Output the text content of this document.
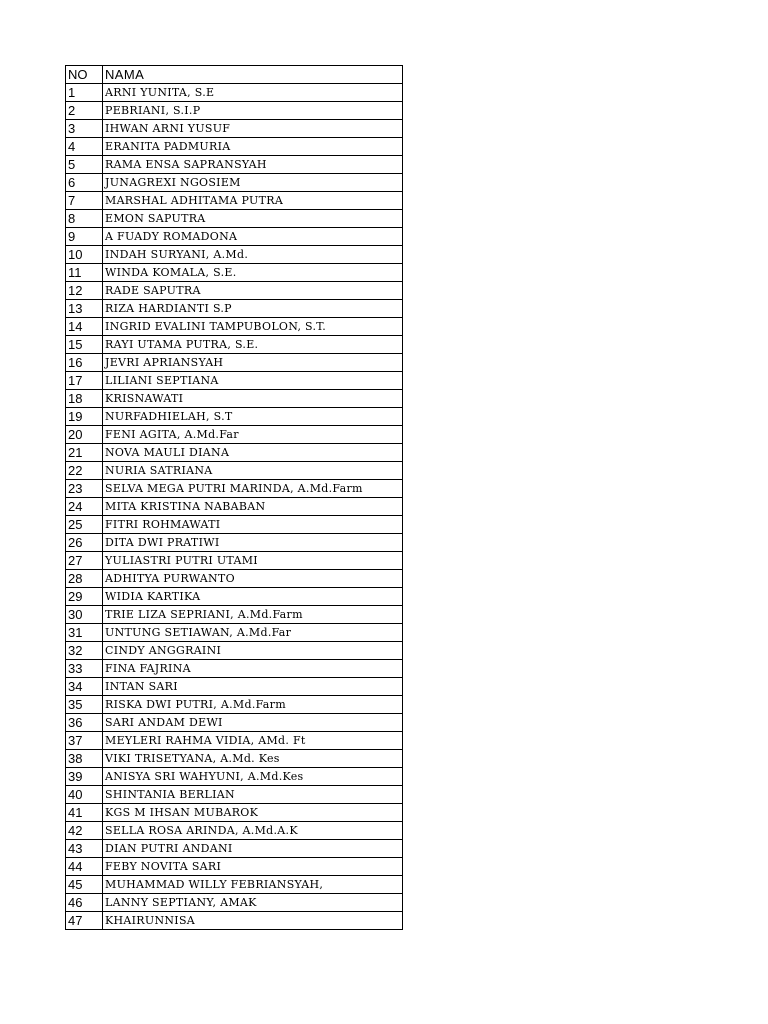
NO	NAMA
1	ARNI YUNITA, S.E
2	PEBRIANI, S.I.P
3	IHWAN ARNI YUSUF
4	ERANITA PADMURIA
5	RAMA ENSA SAPRANSYAH
6	JUNAGREXI NGOSIEM
7	MARSHAL ADHITAMA PUTRA
8	EMON SAPUTRA
9	A FUADY ROMADONA
10	INDAH SURYANI, A.Md.
11	WINDA KOMALA, S.E.
12	RADE SAPUTRA
13	RIZA HARDIANTI S.P
14	INGRID EVALINI TAMPUBOLON, S.T.
15	RAYI UTAMA PUTRA, S.E.
16	JEVRI APRIANSYAH
17	LILIANI SEPTIANA
18	KRISNAWATI
19	NURFADHIELAH, S.T
20	FENI AGITA, A.Md.Far
21	NOVA MAULI DIANA
22	NURIA SATRIANA
23	SELVA MEGA PUTRI MARINDA, A.Md.Farm
24	MITA KRISTINA NABABAN
25	FITRI ROHMAWATI
26	DITA DWI PRATIWI
27	YULIASTRI PUTRI UTAMI
28	ADHITYA PURWANTO
29	WIDIA KARTIKA
30	TRIE LIZA SEPRIANI, A.Md.Farm
31	UNTUNG SETIAWAN, A.Md.Far
32	CINDY ANGGRAINI
33	FINA FAJRINA
34	INTAN SARI
35	RISKA DWI PUTRI, A.Md.Farm
36	SARI ANDAM DEWI
37	MEYLERI RAHMA VIDIA, AMd. Ft
38	VIKI TRISETYANA, A.Md. Kes
39	ANISYA SRI WAHYUNI, A.Md.Kes
40	SHINTANIA BERLIAN
41	KGS M IHSAN MUBAROK
42	SELLA ROSA ARINDA, A.Md.A.K
43	DIAN PUTRI ANDANI
44	FEBY NOVITA SARI
45	MUHAMMAD WILLY FEBRIANSYAH,
46	LANNY SEPTIANY, AMAK
47	KHAIRUNNISA
